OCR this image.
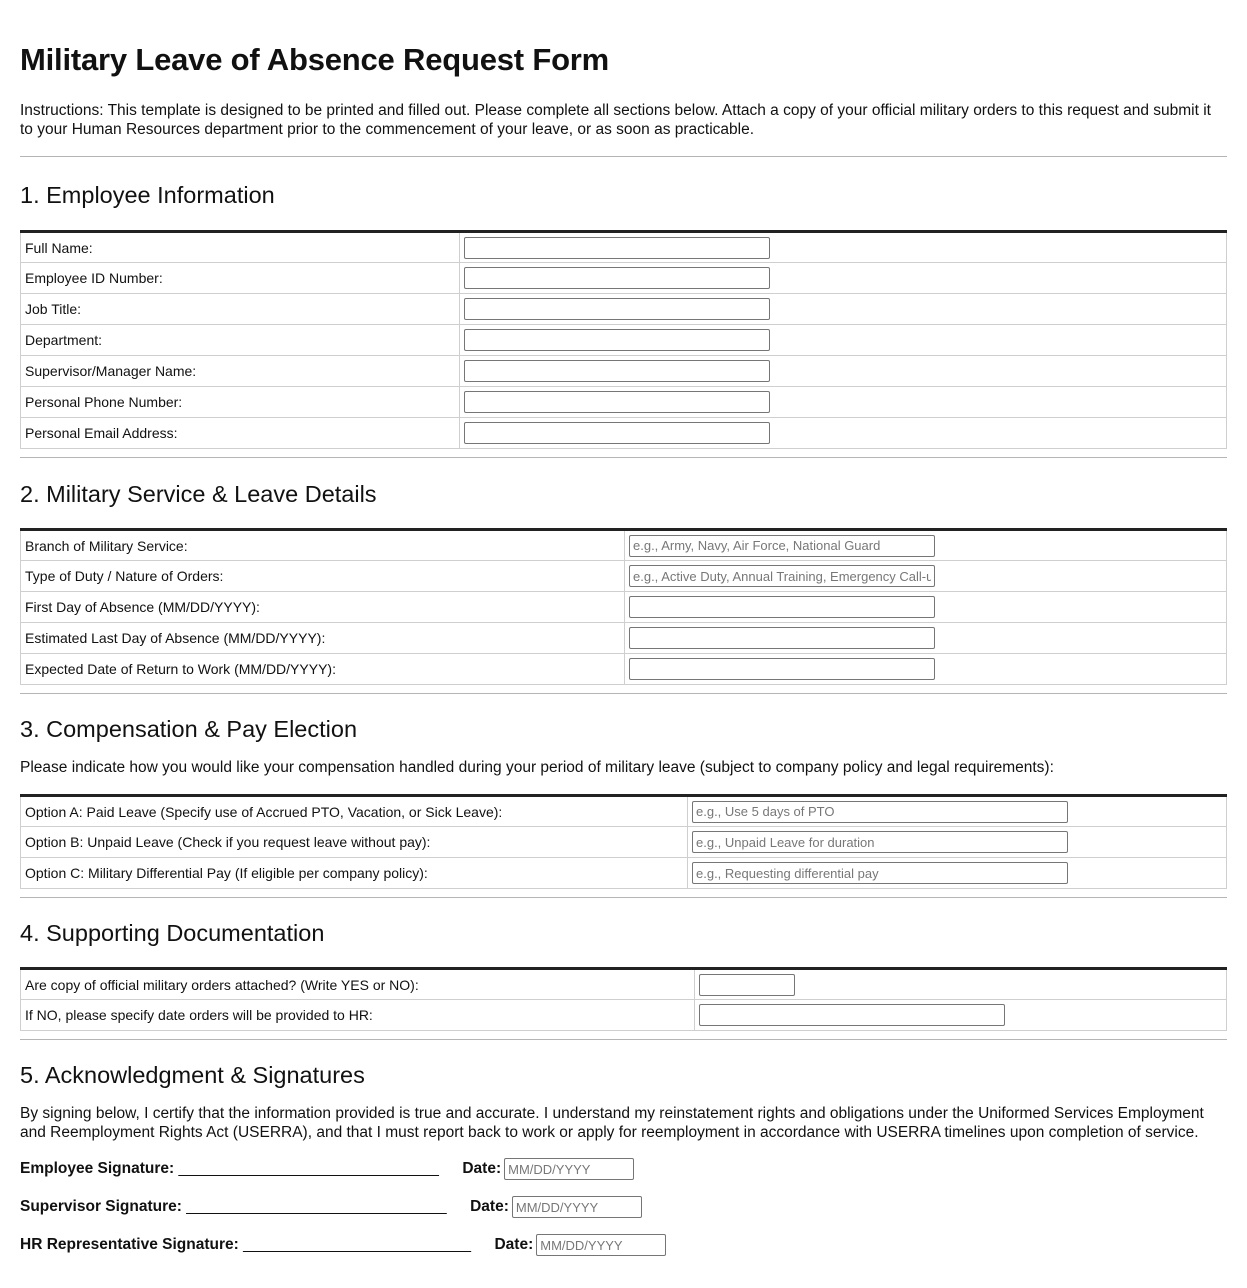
Military Leave of Absence Request Form

Instructions: This template is designed to be printed and filled out. Please complete all sections below. Attach a copy of your official military orders to this request and submit it to your Human Resources department prior to the commencement of your leave, or as soon as practicable.

1. Employee Information
Full Name:	

Employee ID Number:	

Job Title:	

Department:	

Supervisor/Manager Name:	

Personal Phone Number:	

Personal Email Address:	
2. Military Service & Leave Details
Branch of Military Service:	
e.g., Army, Navy, Air Force, National Guard
Type of Duty / Nature of Orders:	
e.g., Active Duty, Annual Training, Emergency Call-up
First Day of Absence (MM/DD/YYYY):	

Estimated Last Day of Absence (MM/DD/YYYY):	

Expected Date of Return to Work (MM/DD/YYYY):	
3. Compensation & Pay Election

Please indicate how you would like your compensation handled during your period of military leave (subject to company policy and legal requirements):

Option A: Paid Leave (Specify use of Accrued PTO, Vacation, or Sick Leave):	
e.g., Use 5 days of PTO
Option B: Unpaid Leave (Check if you request leave without pay):	
e.g., Unpaid Leave for duration
Option C: Military Differential Pay (If eligible per company policy):	
e.g., Requesting differential pay
4. Supporting Documentation
Are copy of official military orders attached? (Write YES or NO):	

If NO, please specify date orders will be provided to HR:	
5. Acknowledgment & Signatures

By signing below, I certify that the information provided is true and accurate. I understand my reinstatement rights and obligations under the Uniformed Services Employment and Reemployment Rights Act (USERRA), and that I must report back to work or apply for reemployment in accordance with USERRA timelines upon completion of service.

Employee Signature:
________________________________ Date:
MM/DD/YYYY
Supervisor Signature:
________________________________ Date:
MM/DD/YYYY
HR Representative Signature:
____________________________ Date:
MM/DD/YYYY
